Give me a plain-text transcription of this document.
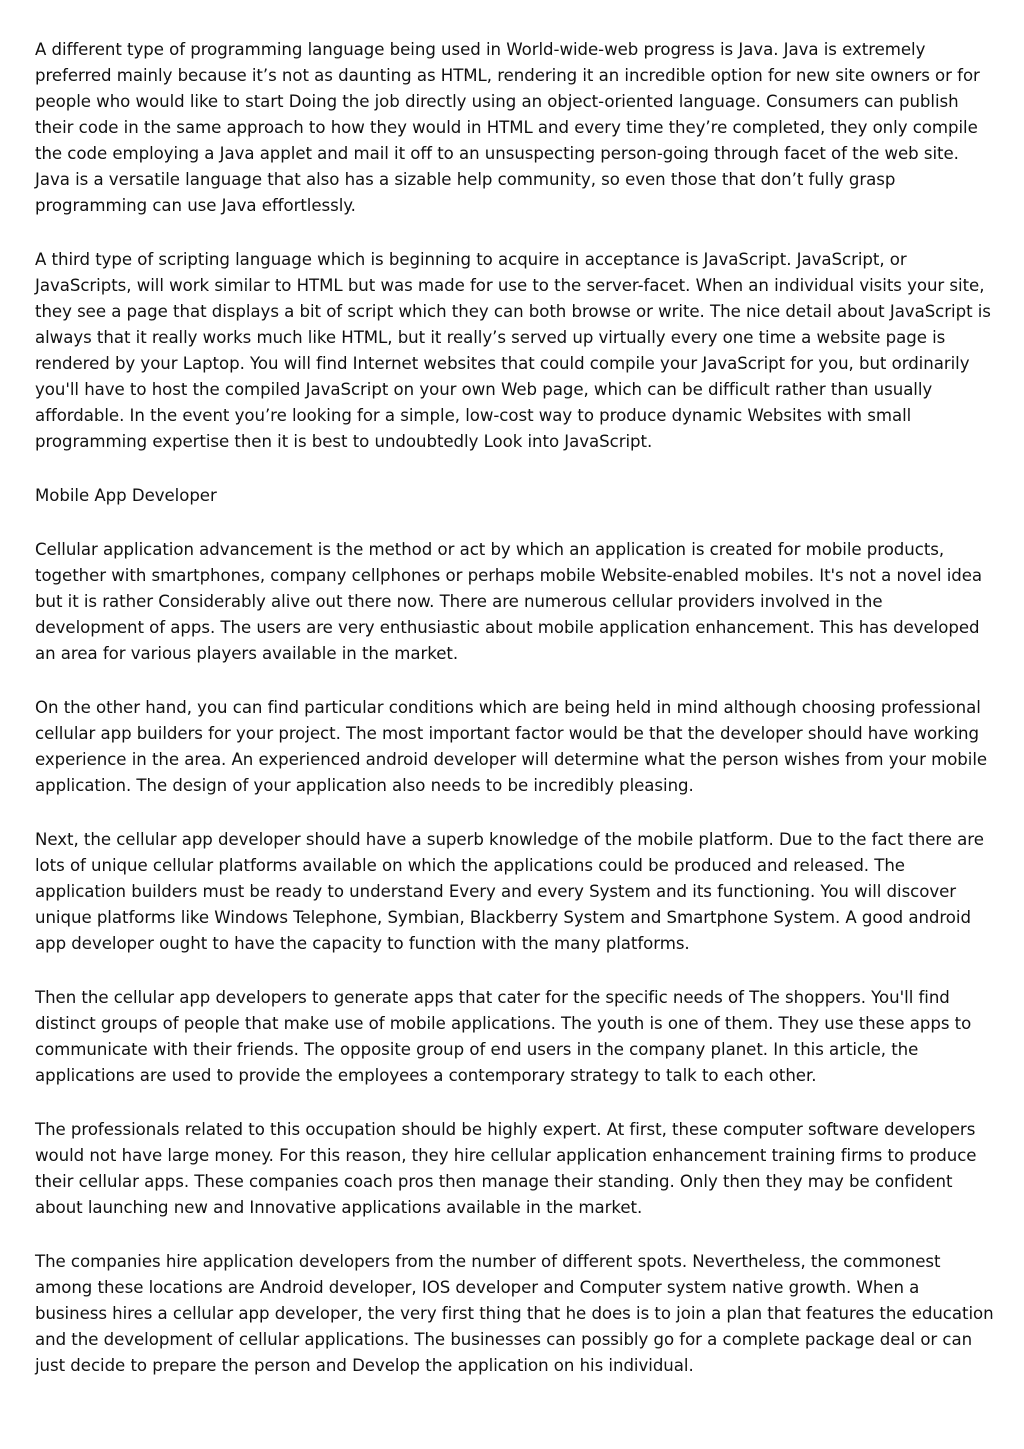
A different type of programming language being used in World-wide-web progress is Java. Java is extremely preferred mainly because it’s not as daunting as HTML, rendering it an incredible option for new site owners or for people who would like to start Doing the job directly using an object-oriented language. Consumers can publish their code in the same approach to how they would in HTML and every time they’re completed, they only compile the code employing a Java applet and mail it off to an unsuspecting person-going through facet of the web site. Java is a versatile language that also has a sizable help community, so even those that don’t fully grasp programming can use Java effortlessly.

A third type of scripting language which is beginning to acquire in acceptance is JavaScript. JavaScript, or JavaScripts, will work similar to HTML but was made for use to the server-facet. When an individual visits your site, they see a page that displays a bit of script which they can both browse or write. The nice detail about JavaScript is always that it really works much like HTML, but it really’s served up virtually every one time a website page is rendered by your Laptop. You will find Internet websites that could compile your JavaScript for you, but ordinarily you'll have to host the compiled JavaScript on your own Web page, which can be difficult rather than usually affordable. In the event you’re looking for a simple, low-cost way to produce dynamic Websites with small programming expertise then it is best to undoubtedly Look into JavaScript.

Mobile App Developer

Cellular application advancement is the method or act by which an application is created for mobile products, together with smartphones, company cellphones or perhaps mobile Website-enabled mobiles. It's not a novel idea but it is rather Considerably alive out there now. There are numerous cellular providers involved in the development of apps. The users are very enthusiastic about mobile application enhancement. This has developed an area for various players available in the market.

On the other hand, you can find particular conditions which are being held in mind although choosing professional cellular app builders for your project. The most important factor would be that the developer should have working experience in the area. An experienced android developer will determine what the person wishes from your mobile application. The design of your application also needs to be incredibly pleasing.

Next, the cellular app developer should have a superb knowledge of the mobile platform. Due to the fact there are lots of unique cellular platforms available on which the applications could be produced and released. The application builders must be ready to understand Every and every System and its functioning. You will discover unique platforms like Windows Telephone, Symbian, Blackberry System and Smartphone System. A good android app developer ought to have the capacity to function with the many platforms.

Then the cellular app developers to generate apps that cater for the specific needs of The shoppers. You'll find distinct groups of people that make use of mobile applications. The youth is one of them. They use these apps to communicate with their friends. The opposite group of end users in the company planet. In this article, the applications are used to provide the employees a contemporary strategy to talk to each other.

The professionals related to this occupation should be highly expert. At first, these computer software developers would not have large money. For this reason, they hire cellular application enhancement training firms to produce their cellular apps. These companies coach pros then manage their standing. Only then they may be confident about launching new and Innovative applications available in the market.

The companies hire application developers from the number of different spots. Nevertheless, the commonest among these locations are Android developer, IOS developer and Computer system native growth. When a business hires a cellular app developer, the very first thing that he does is to join a plan that features the education and the development of cellular applications. The businesses can possibly go for a complete package deal or can just decide to prepare the person and Develop the application on his individual.
